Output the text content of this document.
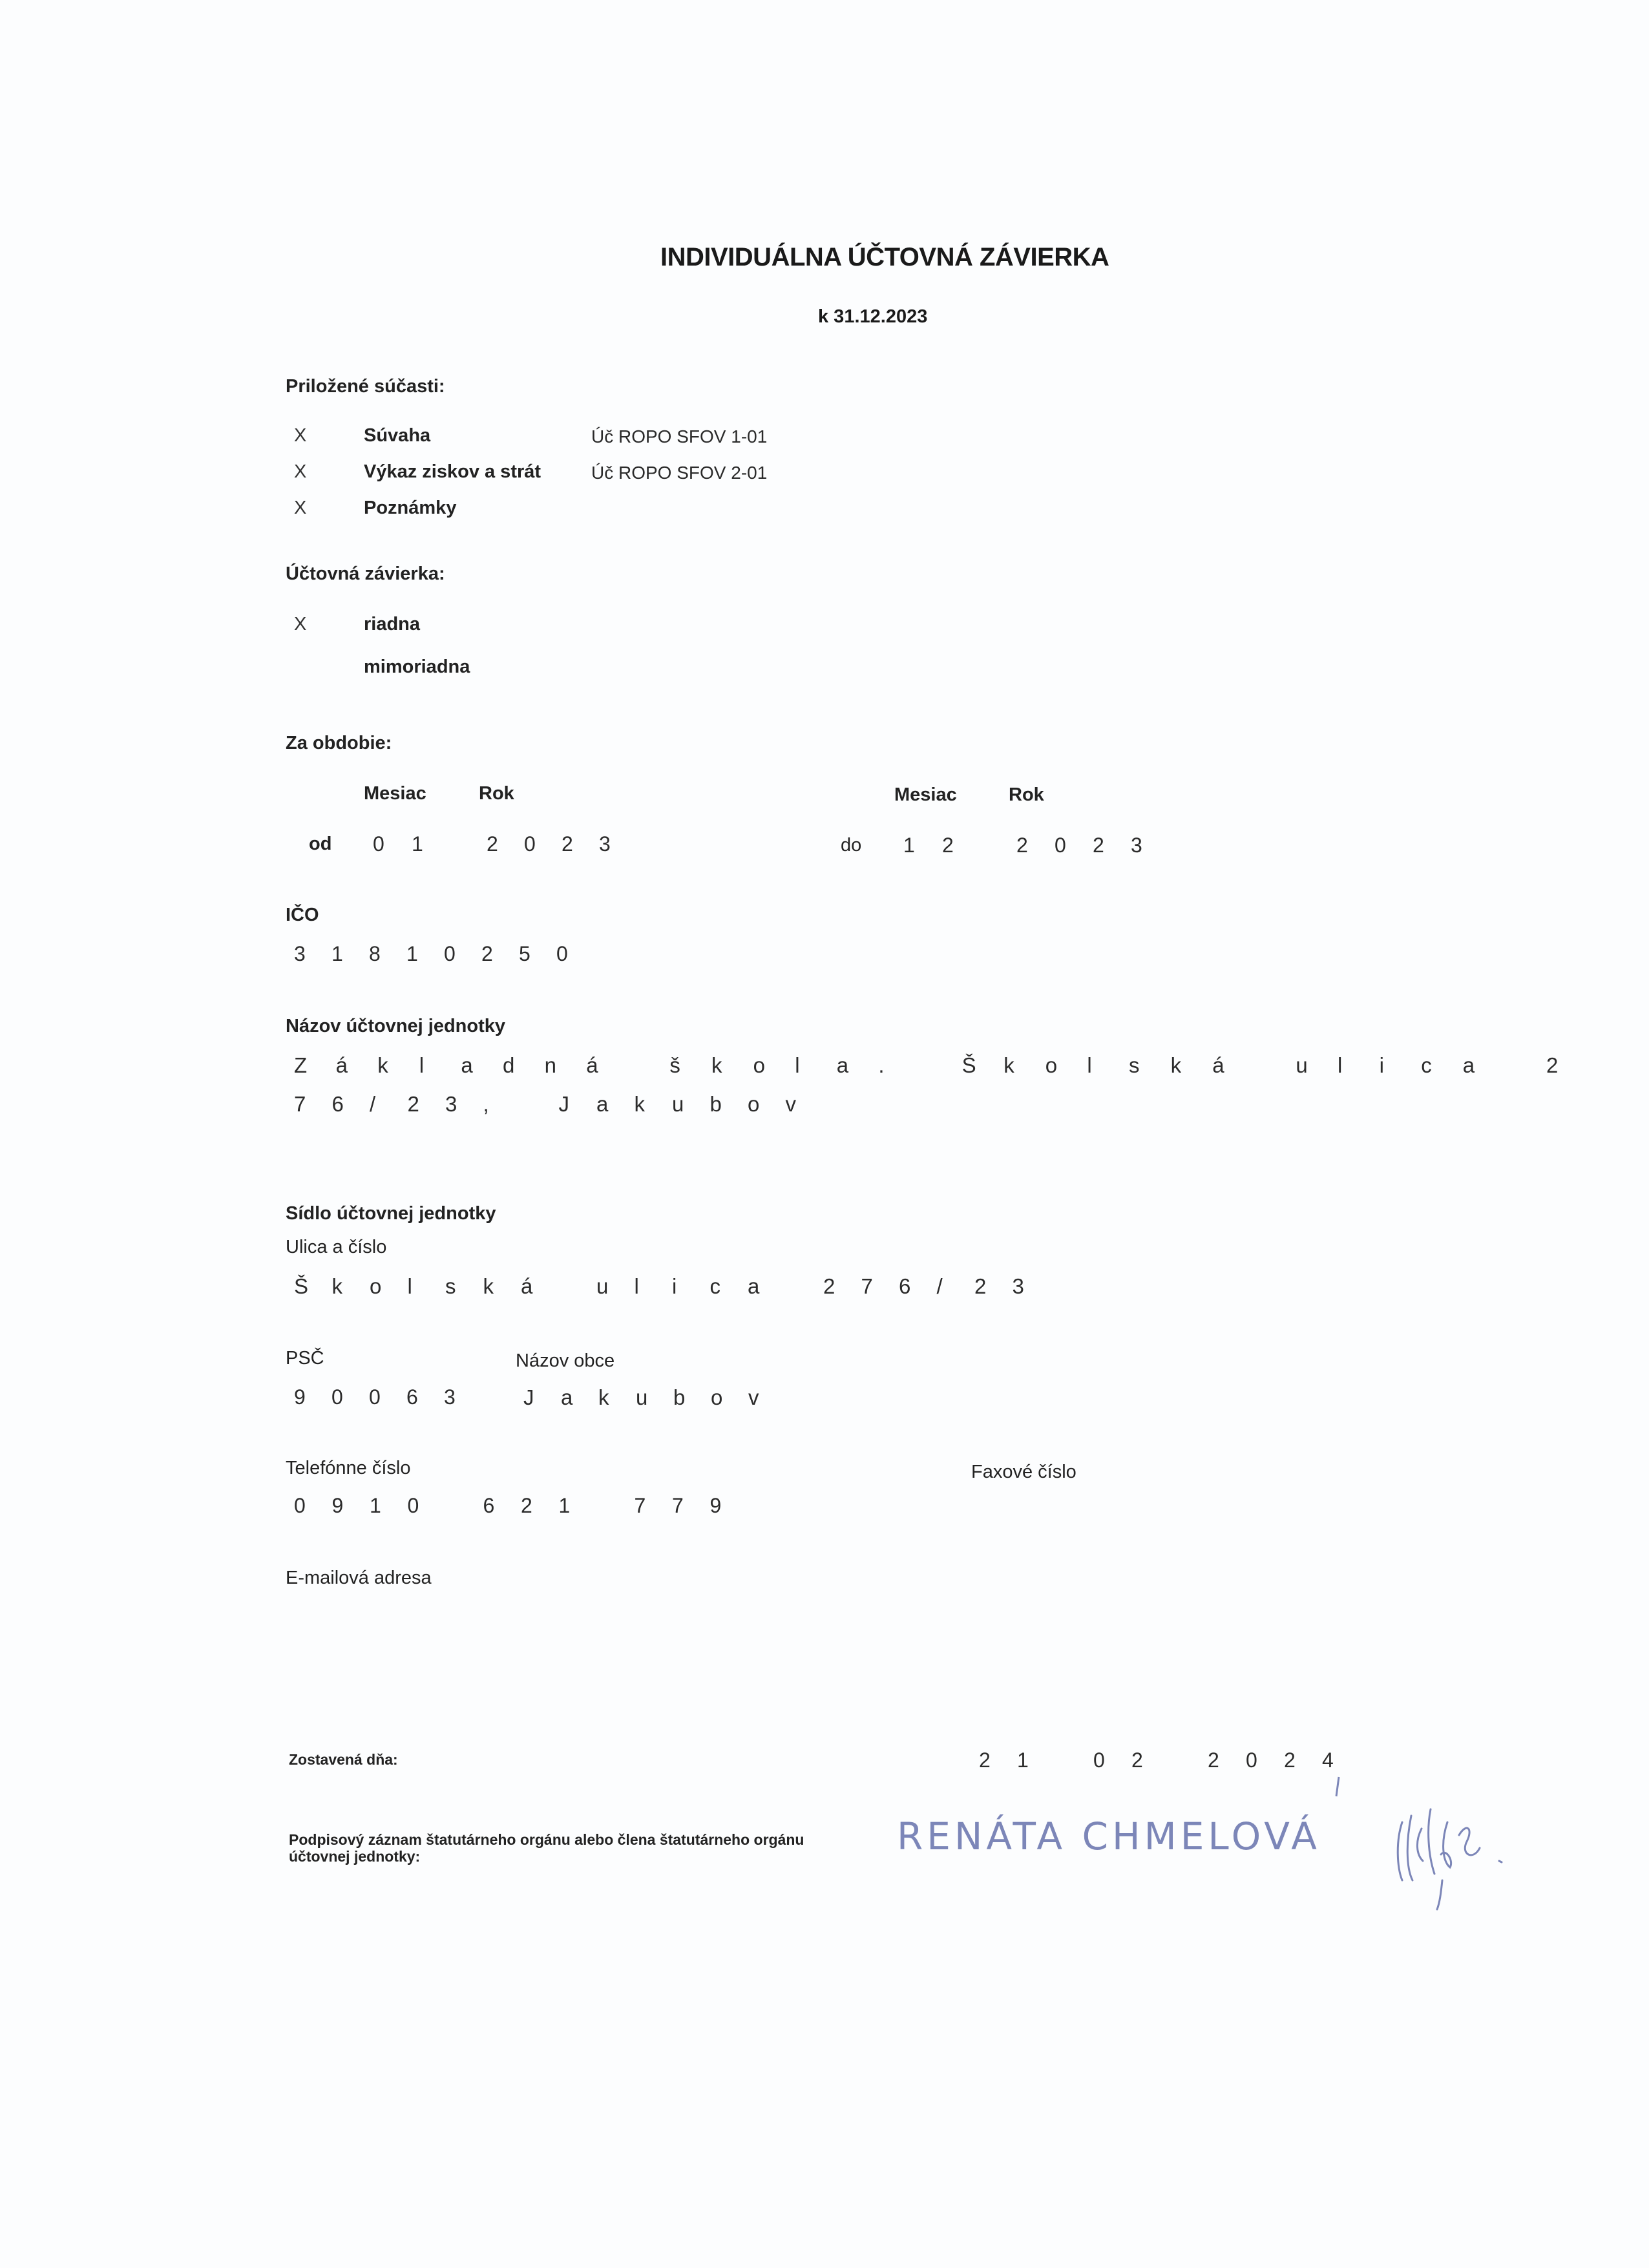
INDIVIDUÁLNA ÚČTOVNÁ ZÁVIERKA
k 31.12.2023
Priložené súčasti:
X	Súvaha	Úč ROPO SFOV 1-01
X	Výkaz ziskov a strát	Úč ROPO SFOV 2-01
X	Poznámky
Účtovná závierka:
X	riadna
mimoriadna
Za obdobie:
Mesiac	Rok	Mesiac	Rok
od 0 1	2 0 2 3	do 1 2	2 0 2 3
IČO
3 1 8 1 0 2 5 0
Názov účtovnej jednotky
Z á k l a d n á	š k o l a .	Š k o l s k á	u l i c a	2
7 6 / 2 3 ,	J a k u b o v
Sídlo účtovnej jednotky
Ulica a číslo
Š k o l s k á	u l i c a	2 7 6 / 2 3
PSČ	Názov obce
9 0 0 6 3	J a k u b o v
Telefónne číslo	Faxové číslo
0 9 1 0	6 2 1	7 7 9
E-mailová adresa
Zostavená dňa:	2 1	0 2	2 0 2 4
Podpisový záznam štatutárneho orgánu alebo člena štatutárneho orgánu
účtovnej jednotky:	RENÁTA CHMELOVÁ
